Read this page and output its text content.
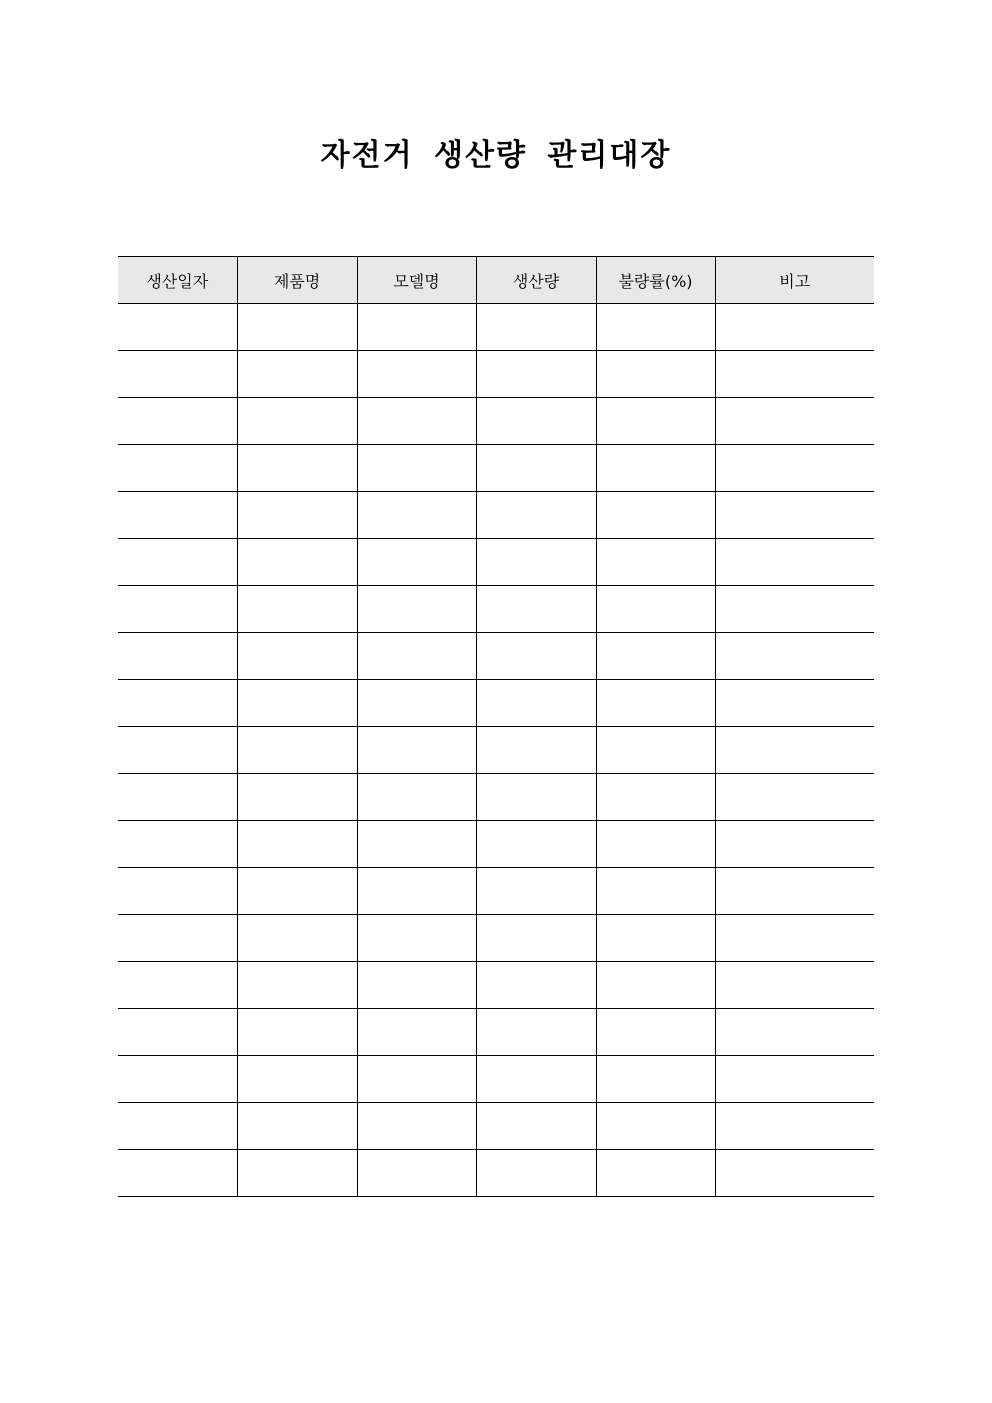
자전거 생산량 관리대장
생산일자	제품명	모델명	생산량	불량률(%)	비고
